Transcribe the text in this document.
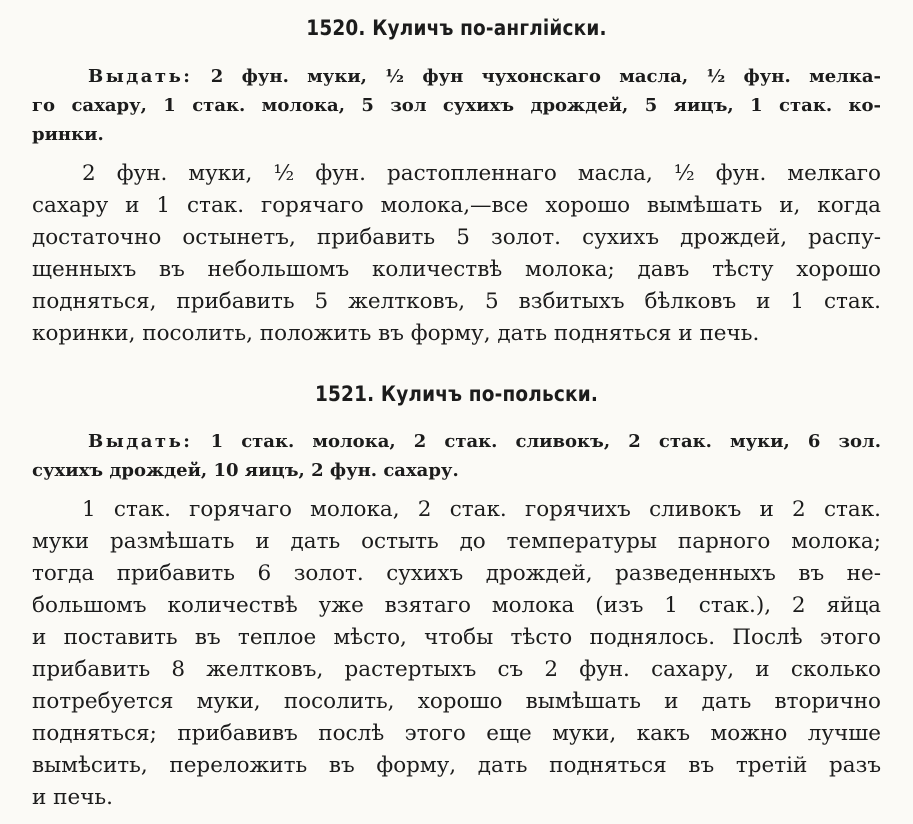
1520. Куличъ по-англійски.
Выдать: 2 фун. муки, ½ фун чухонскаго масла, ½ фун. мелка-
го сахару, 1 стак. молока, 5 зол сухихъ дрождей, 5 яицъ, 1 стак. ко-
ринки.
2 фун. муки, ½ фун. растопленнаго масла, ½ фун. мелкаго
сахару и 1 стак. горячаго молока,—все хорошо вымѣшать и, когда
достаточно остынетъ, прибавить 5 золот. сухихъ дрождей, распу-
щенныхъ въ небольшомъ количествѣ молока; давъ тѣсту хорошо
подняться, прибавить 5 желтковъ, 5 взбитыхъ бѣлковъ и 1 стак.
коринки, посолить, положить въ форму, дать подняться и печь.
1521. Куличъ по-польски.
Выдать: 1 стак. молока, 2 стак. сливокъ, 2 стак. муки, 6 зол.
сухихъ дрождей, 10 яицъ, 2 фун. сахару.
1 стак. горячаго молока, 2 стак. горячихъ сливокъ и 2 стак.
муки размѣшать и дать остыть до температуры парного молока;
тогда прибавить 6 золот. сухихъ дрождей, разведенныхъ въ не-
большомъ количествѣ уже взятаго молока (изъ 1 стак.), 2 яйца
и поставить въ теплое мѣсто, чтобы тѣсто поднялось. Послѣ этого
прибавить 8 желтковъ, растертыхъ съ 2 фун. сахару, и сколько
потребуется муки, посолить, хорошо вымѣшать и дать вторично
подняться; прибавивъ послѣ этого еще муки, какъ можно лучше
вымѣсить, переложить въ форму, дать подняться въ третій разъ
и печь.
